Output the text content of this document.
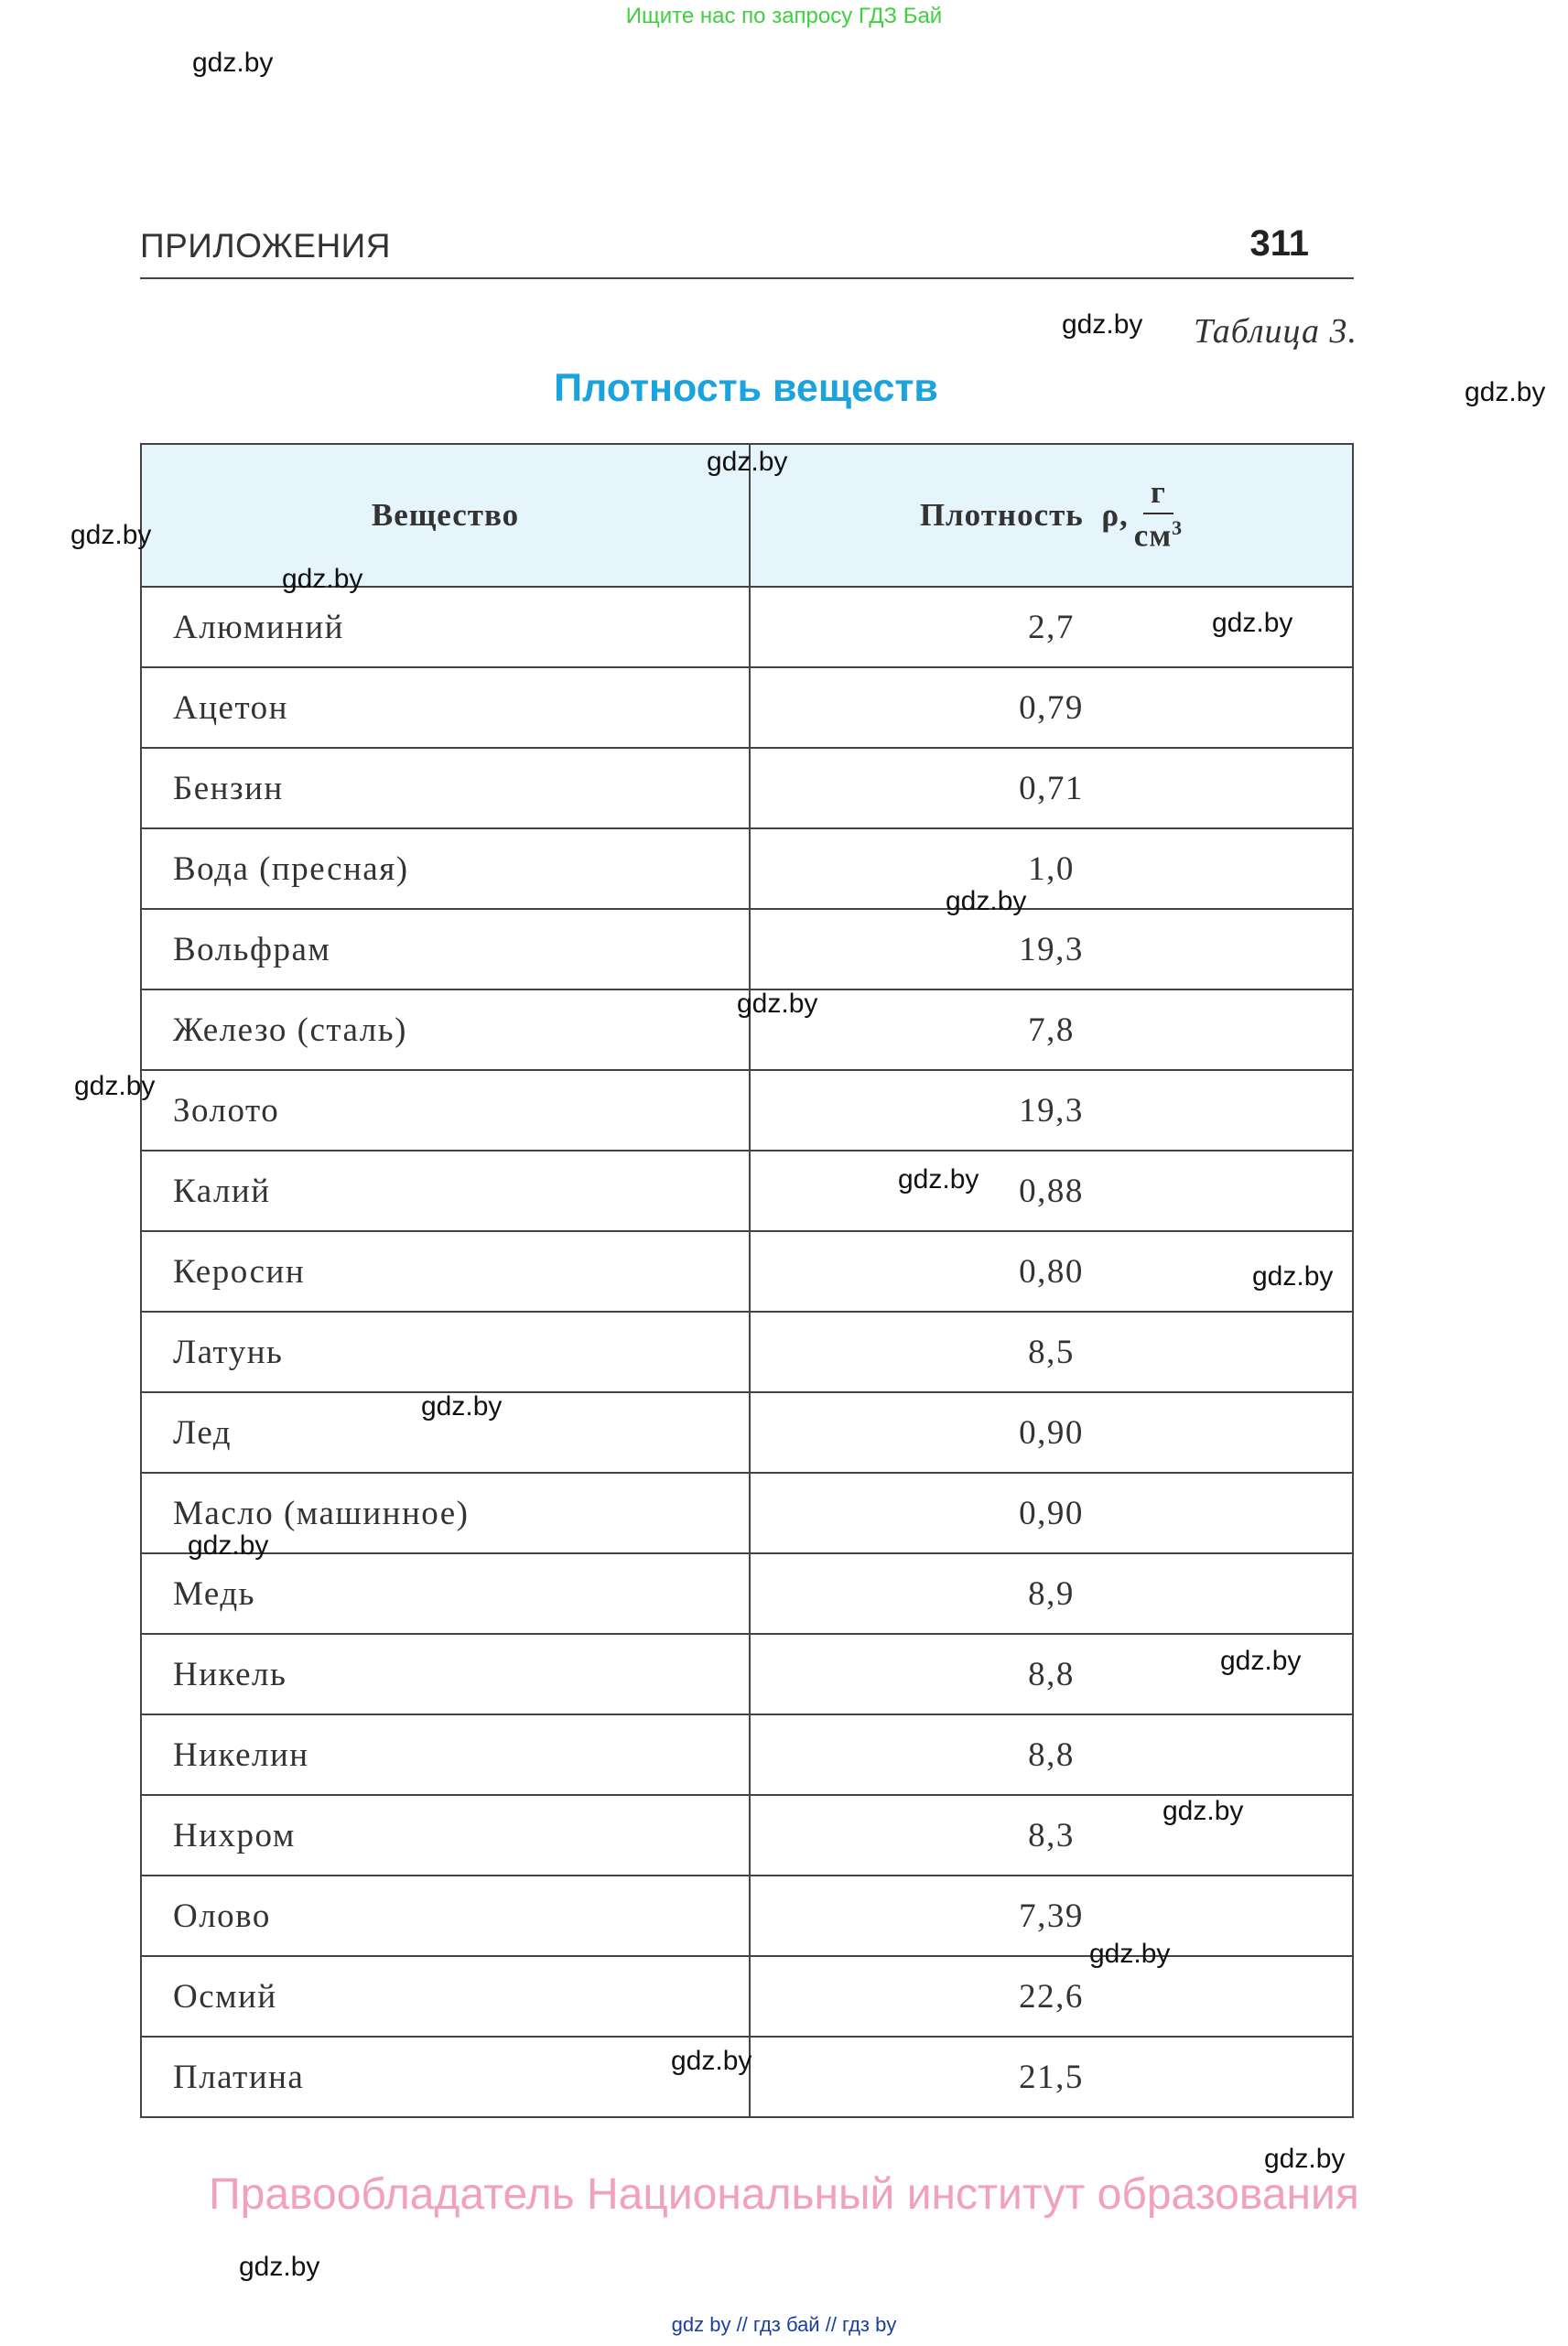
Ищите нас по запросу ГДЗ Бай
ПРИЛОЖЕНИЯ	311
Таблица 3.
Плотность веществ
Вещество	Плотность
ρ, $\frac{г}{см^3}$

Алюминий	2,7
Ацетон	0,79
Бензин	0,71
Вода (пресная)	1,0
Вольфрам	19,3
Железо (сталь)	7,8
Золото	19,3
Калий	0,88
Керосин	0,80
Латунь	8,5
Лед	0,90
Масло (машинное)	0,90
Медь	8,9
Никель	8,8
Никелин	8,8
Нихром	8,3
Олово	7,39
Осмий	22,6
Платина	21,5
gdz.by
gdz.by
gdz.by
gdz.by
gdz.by
gdz.by
gdz.by
gdz.by
gdz.by
gdz.by
gdz.by
gdz.by
gdz.by
gdz.by
gdz.by
gdz.by
gdz.by
gdz.by
gdz.by
gdz.by
Правообладатель Национальный институт образования
gdz by // гдз бай // гдз by
